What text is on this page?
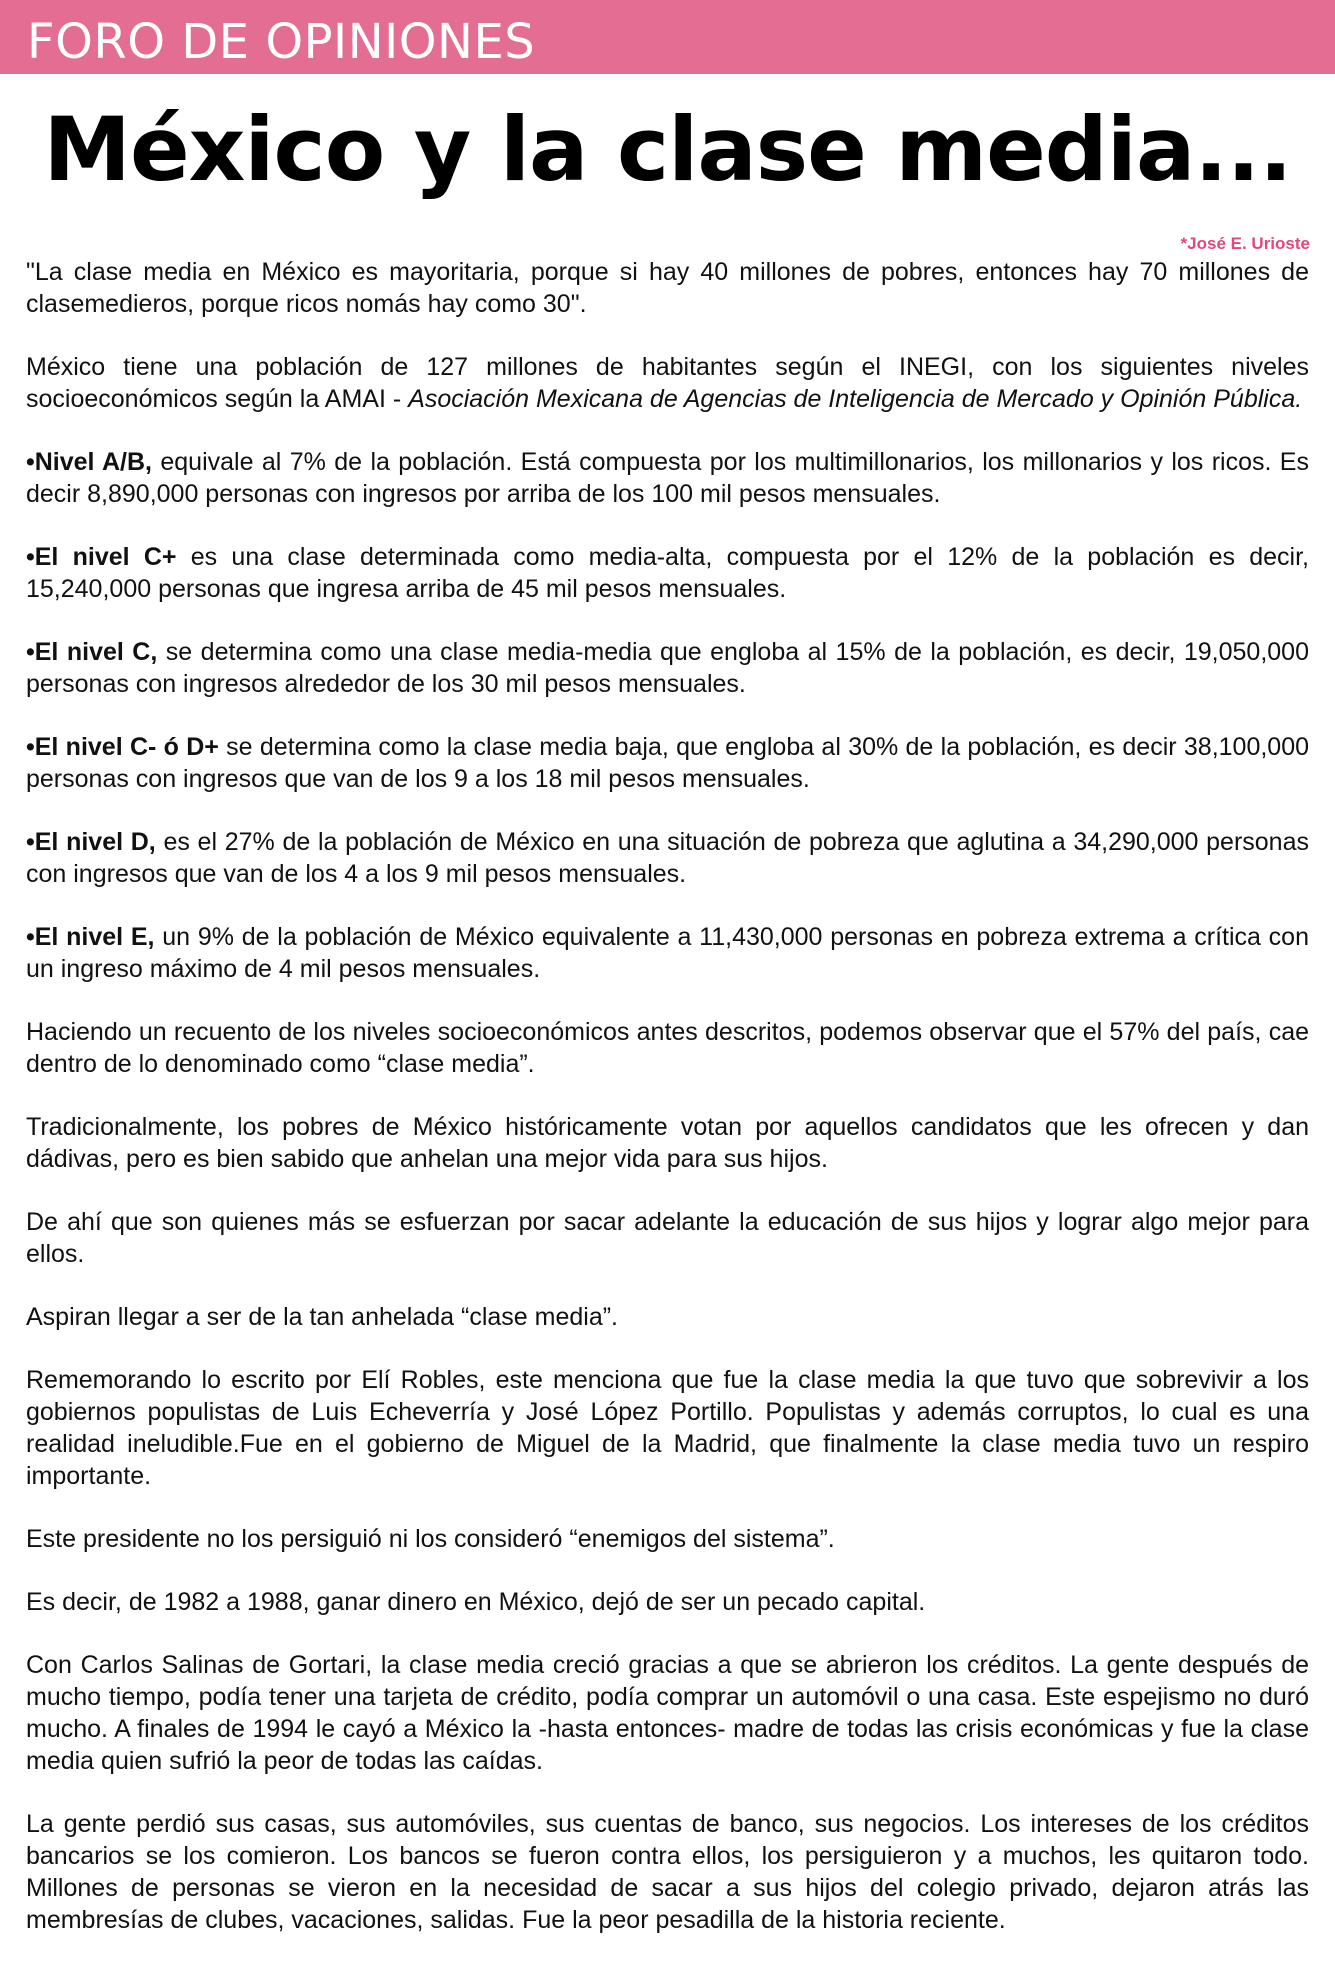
FORO DE OPINIONES
México y la clase media...
*José E. Urioste

"La clase media en México es mayoritaria, porque si hay 40 millones de pobres, entonces hay 70 millones de clasemedieros, porque ricos nomás hay como 30".

México tiene una población de 127 millones de habitantes según el INEGI, con los siguientes niveles socioeconómicos según la AMAI - Asociación Mexicana de Agencias de Inteligencia de Mercado y Opinión Pública.

•Nivel A/B, equivale al 7% de la población. Está compuesta por los multimillonarios, los millonarios y los ricos. Es decir 8,890,000 personas con ingresos por arriba de los 100 mil pesos mensuales.

•El nivel C+ es una clase determinada como media-alta, compuesta por el 12% de la población es decir, 15,240,000 personas que ingresa arriba de 45 mil pesos mensuales.

•El nivel C, se determina como una clase media-media que engloba al 15% de la población, es decir, 19,050,000 personas con ingresos alrededor de los 30 mil pesos mensuales.

•El nivel C- ó D+ se determina como la clase media baja, que engloba al 30% de la población, es decir 38,100,000 personas con ingresos que van de los 9 a los 18 mil pesos mensuales.

•El nivel D, es el 27% de la población de México en una situación de pobreza que aglutina a 34,290,000 personas con ingresos que van de los 4 a los 9 mil pesos mensuales.

•El nivel E, un 9% de la población de México equivalente a 11,430,000 personas en pobreza extrema a crítica con un ingreso máximo de 4 mil pesos mensuales.

Haciendo un recuento de los niveles socioeconómicos antes descritos, podemos observar que el 57% del país, cae dentro de lo denominado como “clase media”.

Tradicionalmente, los pobres de México históricamente votan por aquellos candidatos que les ofrecen y dan dádivas, pero es bien sabido que anhelan una mejor vida para sus hijos.

De ahí que son quienes más se esfuerzan por sacar adelante la educación de sus hijos y lograr algo mejor para ellos.

Aspiran llegar a ser de la tan anhelada “clase media”.

Rememorando lo escrito por Elí Robles, este menciona que fue la clase media la que tuvo que sobrevivir a los gobiernos populistas de Luis Echeverría y José López Portillo. Populistas y además corruptos, lo cual es una realidad ineludible.Fue en el gobierno de Miguel de la Madrid, que finalmente la clase media tuvo un respiro importante.

Este presidente no los persiguió ni los consideró “enemigos del sistema”.

Es decir, de 1982 a 1988, ganar dinero en México, dejó de ser un pecado capital.

Con Carlos Salinas de Gortari, la clase media creció gracias a que se abrieron los créditos. La gente después de mucho tiempo, podía tener una tarjeta de crédito, podía comprar un automóvil o una casa. Este espejismo no duró mucho. A finales de 1994 le cayó a México la -hasta entonces- madre de todas las crisis económicas y fue la clase media quien sufrió la peor de todas las caídas.

La gente perdió sus casas, sus automóviles, sus cuentas de banco, sus negocios. Los intereses de los créditos bancarios se los comieron. Los bancos se fueron contra ellos, los persiguieron y a muchos, les quitaron todo. Millones de personas se vieron en la necesidad de sacar a sus hijos del colegio privado, dejaron atrás las membresías de clubes, vacaciones, salidas. Fue la peor pesadilla de la historia reciente.
